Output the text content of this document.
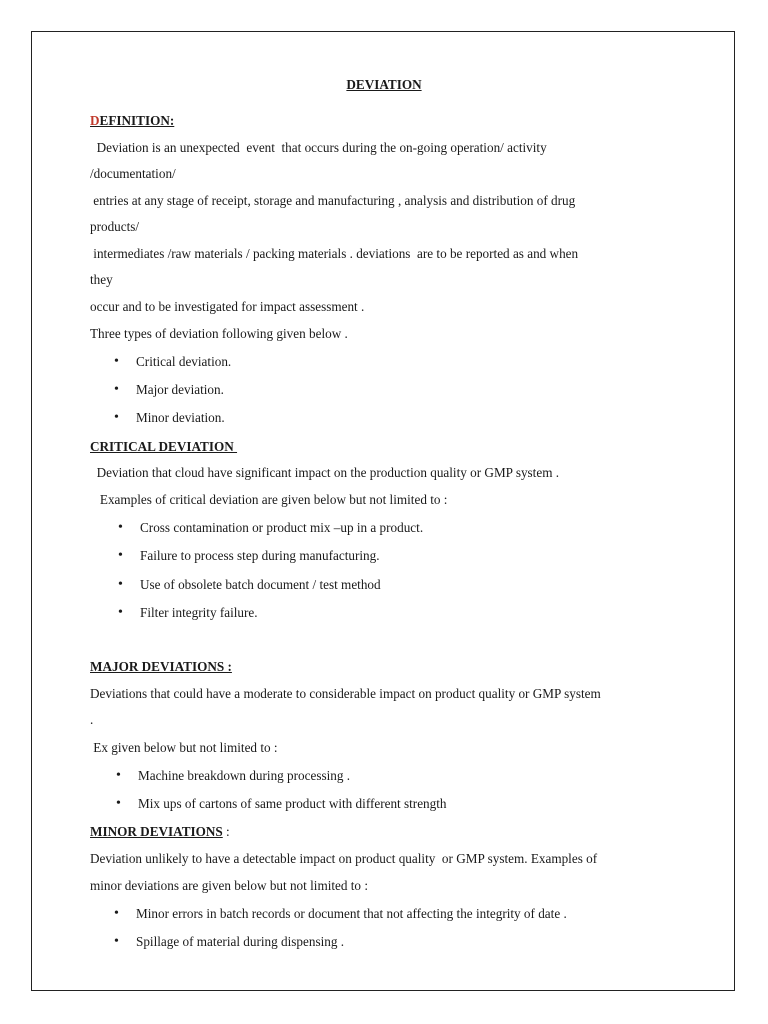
DEVIATION
DEFINITION:
Deviation is an unexpected  event  that occurs during the on-going operation/ activity
/documentation/
entries at any stage of receipt, storage and manufacturing , analysis and distribution of drug
products/
intermediates /raw materials / packing materials . deviations  are to be reported as and when
they
occur and to be investigated for impact assessment .
Three types of deviation following given below .
• Critical deviation.
• Major deviation.
• Minor deviation.
CRITICAL DEVIATION
Deviation that cloud have significant impact on the production quality or GMP system .
Examples of critical deviation are given below but not limited to :
• Cross contamination or product mix –up in a product.
• Failure to process step during manufacturing.
• Use of obsolete batch document / test method
• Filter integrity failure.
MAJOR DEVIATIONS :
Deviations that could have a moderate to considerable impact on product quality or GMP system
.
Ex given below but not limited to :
• Machine breakdown during processing .
• Mix ups of cartons of same product with different strength
MINOR DEVIATIONS :
Deviation unlikely to have a detectable impact on product quality  or GMP system. Examples of
minor deviations are given below but not limited to :
• Minor errors in batch records or document that not affecting the integrity of date .
• Spillage of material during dispensing .
